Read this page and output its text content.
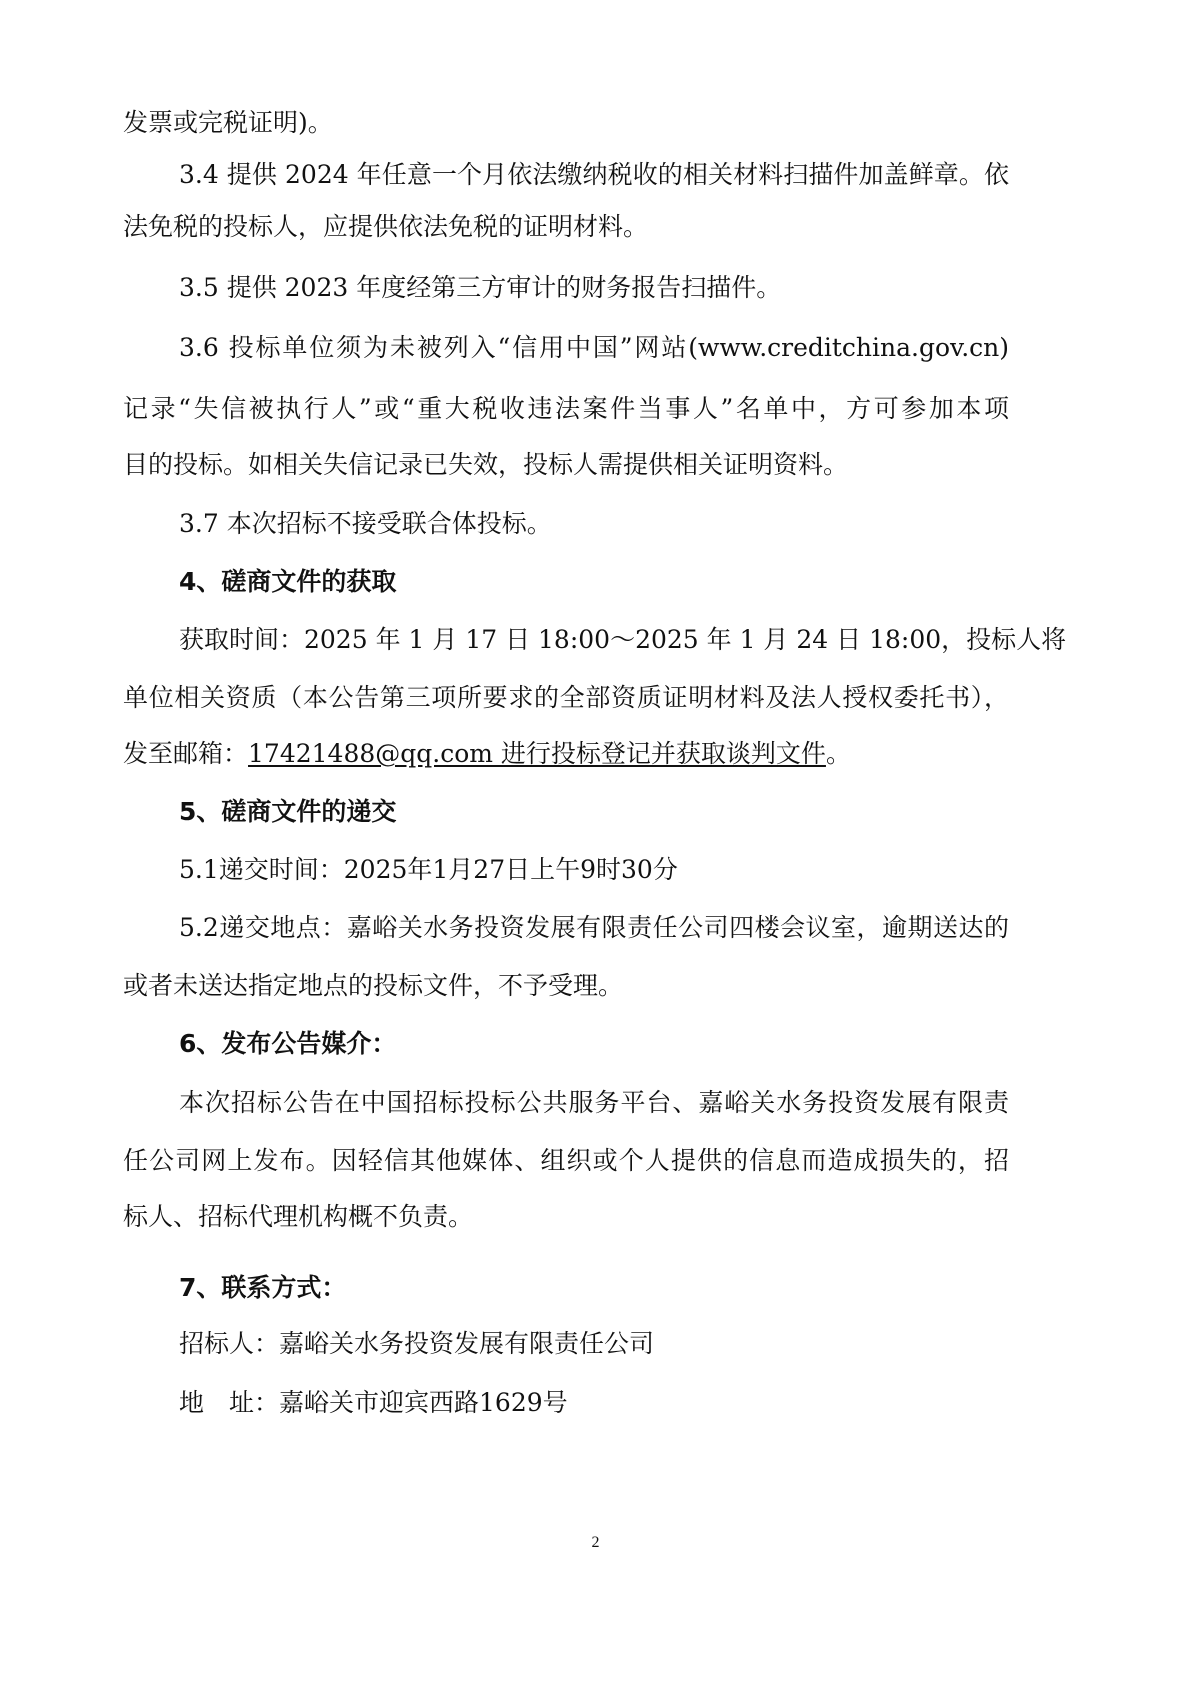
发票或完税证明)。
3.4 提供 2024 年任意一个月依法缴纳税收的相关材料扫描件加盖鲜章。依
法免税的投标人，应提供依法免税的证明材料。
3.5 提供 2023 年度经第三方审计的财务报告扫描件。
3.6 投标单位须为未被列入“信用中国”网站(www.creditchina.gov.cn)
记录“失信被执行人”或“重大税收违法案件当事人”名单中，方可参加本项
目的投标。如相关失信记录已失效，投标人需提供相关证明资料。
3.7 本次招标不接受联合体投标。
4、磋商文件的获取
获取时间：2025 年 1 月 17 日 18:00～2025 年 1 月 24 日 18:00，投标人将
单位相关资质（本公告第三项所要求的全部资质证明材料及法人授权委托书），
发至邮箱：17421488@qq.com 进行投标登记并获取谈判文件。
5、磋商文件的递交
5.1递交时间：2025年1月27日上午9时30分
5.2递交地点：嘉峪关水务投资发展有限责任公司四楼会议室，逾期送达的
或者未送达指定地点的投标文件，不予受理。
6、发布公告媒介：
本次招标公告在中国招标投标公共服务平台、嘉峪关水务投资发展有限责
任公司网上发布。因轻信其他媒体、组织或个人提供的信息而造成损失的，招
标人、招标代理机构概不负责。
7、联系方式：
招标人：嘉峪关水务投资发展有限责任公司
地　址：嘉峪关市迎宾西路1629号
2
